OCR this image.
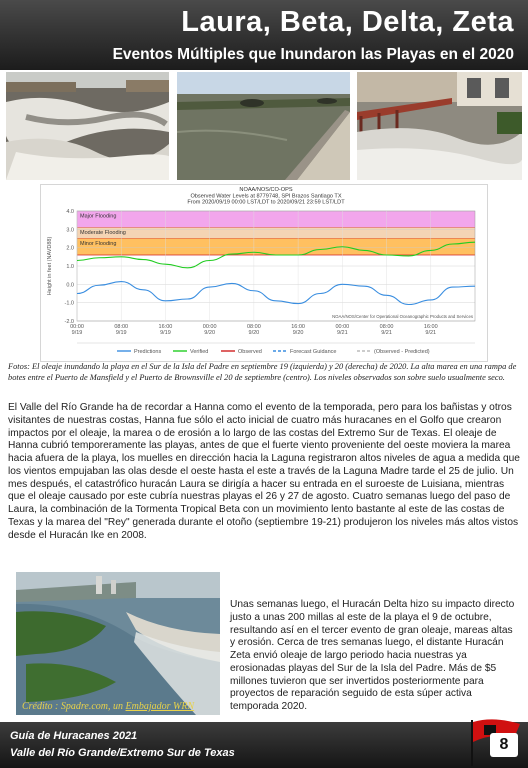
Laura, Beta, Delta, Zeta
Eventos Múltiples que Inundaron las Playas en el 2020
NOAA/NOS/CO-OPS
Observed Water Levels at 8779748, SPI Brazos Santiago TX
From 2020/09/19 00:00 LST/LDT to 2020/09/21 23:59 LST/LDT
Major Flooding
Moderate Flooding
Minor Flooding
4.0
3.0
2.0
1.0
0.0
-1.0
-2.0
Height in feet (NAVD88)
00:00
9/19
08:00
9/19
16:00
9/19
00:00
9/20
08:00
9/20
16:00
9/20
00:00
9/21
08:00
9/21
16:00
9/21
NOAA/NOS/Center for Operational Oceanographic Products and Services
Predictions	Verified	Observed	Forecast Guidance	(Observed - Predicted)
Fotos: El oleaje inundando la playa en el Sur de la Isla del Padre en septiembre 19 (izquierda) y 20 (derecha) de 2020. La alta marea en una rampa de botes entre el Puerto de Mansfield y el Puerto de Brownsville el 20 de septiembre (centro). Los niveles observados son sobre suelo usualmente seco.
El Valle del Río Grande ha de recordar a Hanna como el evento de la temporada, pero para los bañistas y otros visitantes de nuestras costas, Hanna fue sólo el acto inicial de cuatro más huracanes en el Golfo que crearon impactos por el oleaje, la marea o de erosión a lo largo de las costas del Extremo Sur de Texas. El oleaje de Hanna cubrió temporeramente las playas, antes de que el fuerte viento proveniente del oeste moviera la marea hacia afuera de la playa, los muelles en dirección hacia la Laguna registraron altos niveles de agua a medida que los vientos empujaban las olas desde el oeste hasta el este a través de la Laguna Madre tarde el 25 de julio. Un mes después, el catastrófico huracán Laura se dirigía a hacer su entrada en el suroeste de Luisiana, mientras que el oleaje causado por este cubría nuestras playas el 26 y 27 de agosto. Cuatro semanas luego del paso de Laura, la combinación de la Tormenta Tropical Beta con un movimiento lento bastante al este de las costas de Texas y la marea del "Rey" generada durante el otoño (septiembre 19-21) produjeron los niveles más altos vistos desde el Huracán Ike en 2008.
Crédito : Spadre.com, un Embajador WRN
Unas semanas luego, el Huracán Delta hizo su impacto directo justo a unas 200 millas al este de la playa el 9 de octubre, resultando así en el tercer evento de gran oleaje, mareas altas y erosión. Cerca de tres semanas luego, el distante Huracán Zeta envió oleaje de largo periodo hacia nuestras ya erosionadas playas del Sur de la Isla del Padre. Más de $5 millones tuvieron que ser invertidos posteriormente para proyectos de reparación seguido de esta súper activa temporada 2020.
Guía de Huracanes 2021
Valle del Río Grande/Extremo Sur de Texas	8
